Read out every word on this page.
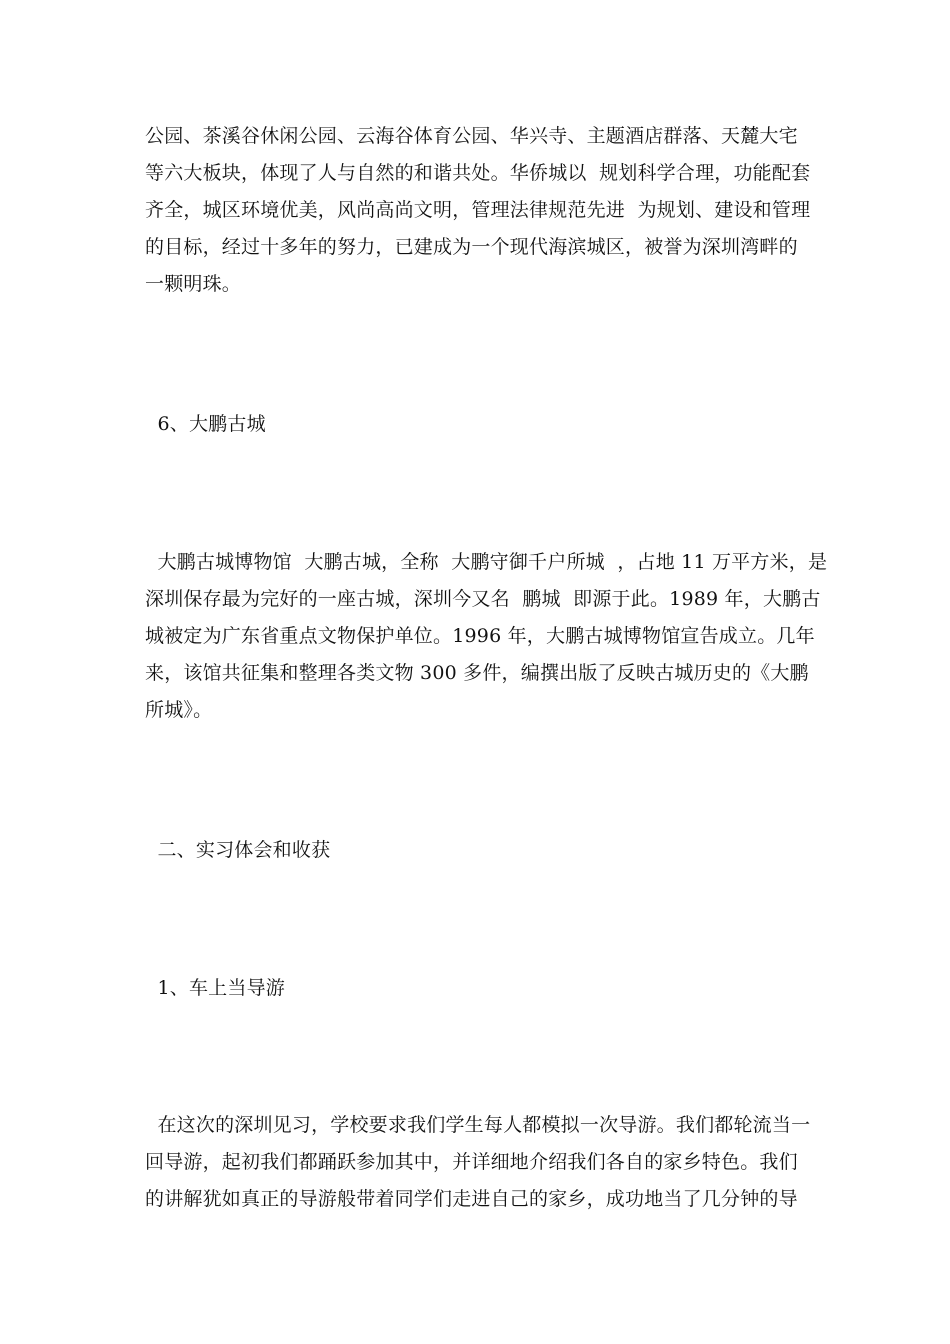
公园、茶溪谷休闲公园、云海谷体育公园、华兴寺、主题酒店群落、天麓大宅
等六大板块，体现了人与自然的和谐共处。华侨城以  规划科学合理，功能配套
齐全，城区环境优美，风尚高尚文明，管理法律规范先进  为规划、建设和管理
的目标，经过十多年的努力，已建成为一个现代海滨城区，被誉为深圳湾畔的
一颗明珠。
6、大鹏古城
大鹏古城博物馆  大鹏古城，全称  大鹏守御千户所城  ，占地 11 万平方米，是
深圳保存最为完好的一座古城，深圳今又名  鹏城  即源于此。1989 年，大鹏古
城被定为广东省重点文物保护单位。1996 年，大鹏古城博物馆宣告成立。几年
来，该馆共征集和整理各类文物 300 多件，编撰出版了反映古城历史的《大鹏
所城》。
二、实习体会和收获
1、车上当导游
在这次的深圳见习，学校要求我们学生每人都模拟一次导游。我们都轮流当一
回导游，起初我们都踊跃参加其中，并详细地介绍我们各自的家乡特色。我们
的讲解犹如真正的导游般带着同学们走进自己的家乡，成功地当了几分钟的导
